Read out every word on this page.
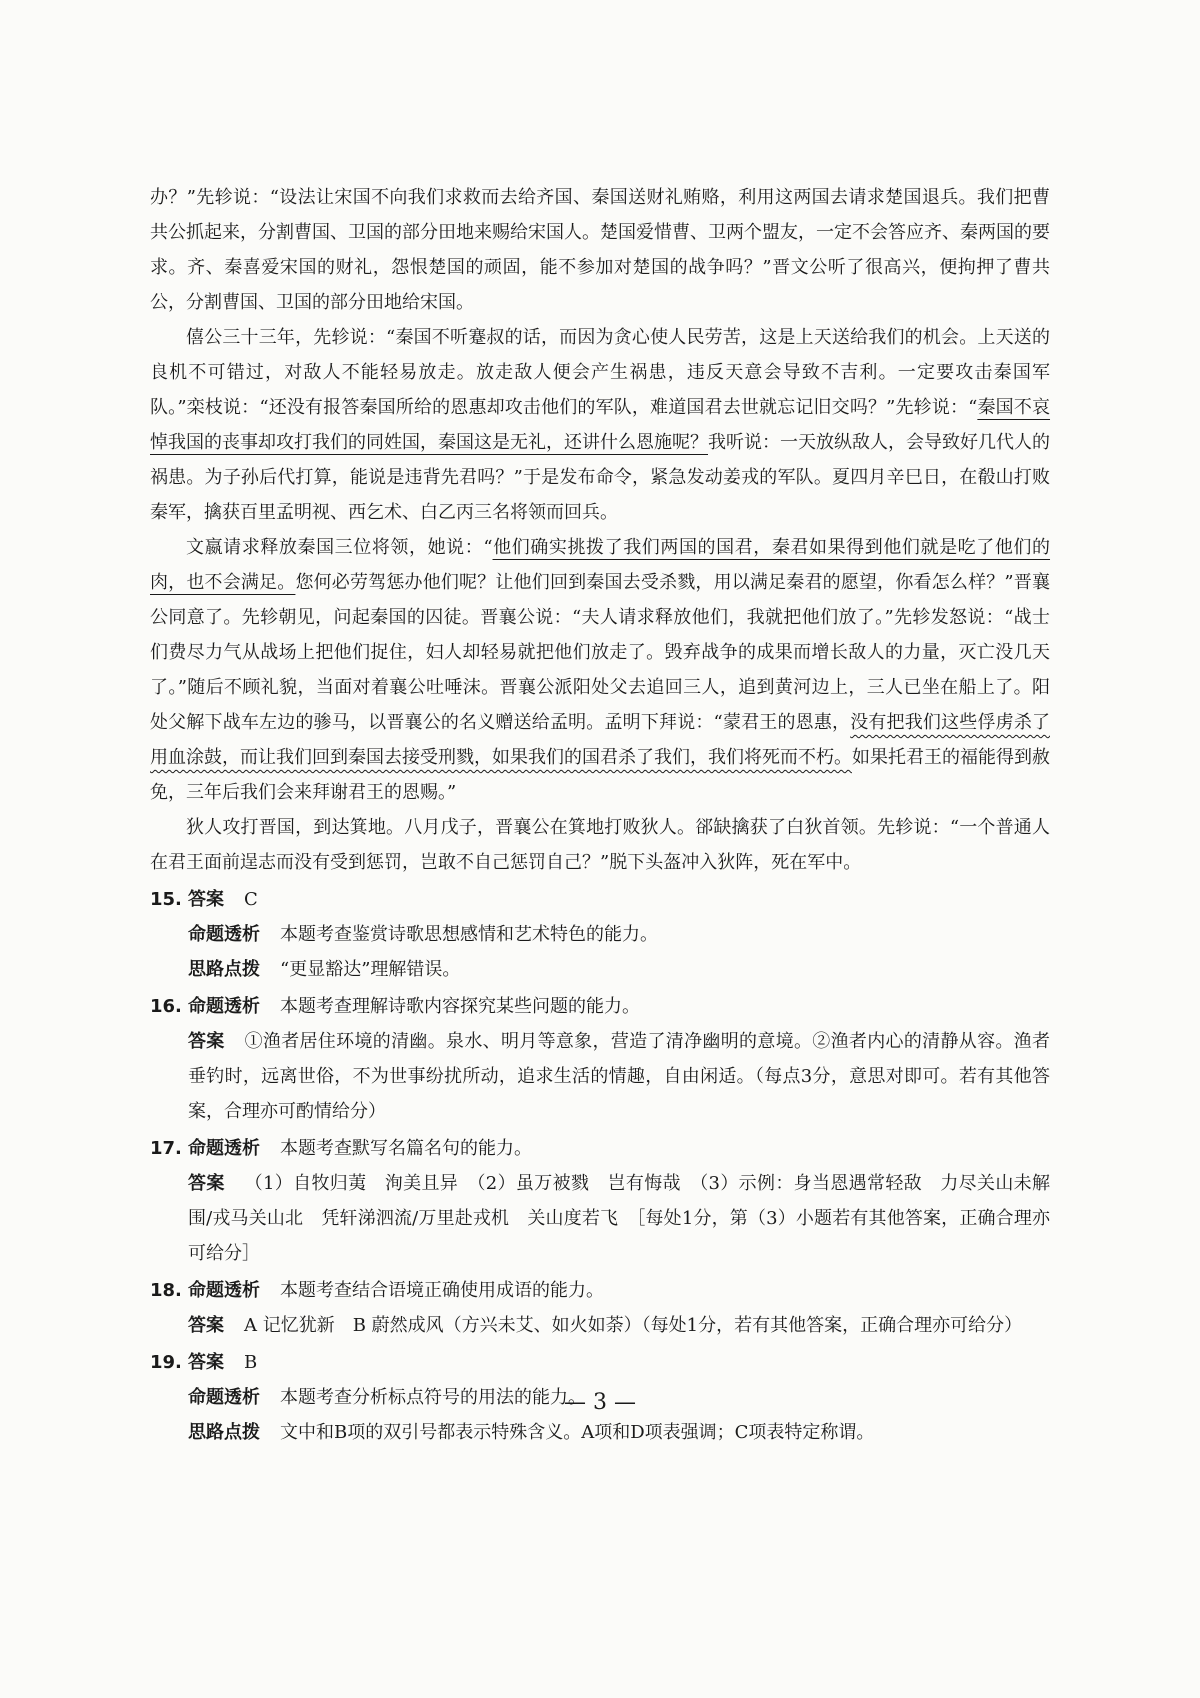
办？”先轸说：“设法让宋国不向我们求救而去给齐国、秦国送财礼贿赂，利用这两国去请求楚国退兵。我们把曹共公抓起来，分割曹国、卫国的部分田地来赐给宋国人。楚国爱惜曹、卫两个盟友，一定不会答应齐、秦两国的要求。齐、秦喜爱宋国的财礼，怨恨楚国的顽固，能不参加对楚国的战争吗？”晋文公听了很高兴，便拘押了曹共公，分割曹国、卫国的部分田地给宋国。

僖公三十三年，先轸说：“秦国不听蹇叔的话，而因为贪心使人民劳苦，这是上天送给我们的机会。上天送的良机不可错过，对敌人不能轻易放走。放走敌人便会产生祸患，违反天意会导致不吉利。一定要攻击秦国军队。”栾枝说：“还没有报答秦国所给的恩惠却攻击他们的军队，难道国君去世就忘记旧交吗？”先轸说：“秦国不哀悼我国的丧事却攻打我们的同姓国，秦国这是无礼，还讲什么恩施呢？我听说：一天放纵敌人，会导致好几代人的祸患。为子孙后代打算，能说是违背先君吗？”于是发布命令，紧急发动姜戎的军队。夏四月辛巳日，在殽山打败秦军，擒获百里孟明视、西乞术、白乙丙三名将领而回兵。

文嬴请求释放秦国三位将领，她说：“他们确实挑拨了我们两国的国君，秦君如果得到他们就是吃了他们的肉，也不会满足。您何必劳驾惩办他们呢？让他们回到秦国去受杀戮，用以满足秦君的愿望，你看怎么样？”晋襄公同意了。先轸朝见，问起秦国的囚徒。晋襄公说：“夫人请求释放他们，我就把他们放了。”先轸发怒说：“战士们费尽力气从战场上把他们捉住，妇人却轻易就把他们放走了。毁弃战争的成果而增长敌人的力量，灭亡没几天了。”随后不顾礼貌，当面对着襄公吐唾沫。晋襄公派阳处父去追回三人，追到黄河边上，三人已坐在船上了。阳处父解下战车左边的骖马，以晋襄公的名义赠送给孟明。孟明下拜说：“蒙君王的恩惠，没有把我们这些俘虏杀了用血涂鼓，而让我们回到秦国去接受刑戮，如果我们的国君杀了我们，我们将死而不朽。如果托君王的福能得到赦免，三年后我们会来拜谢君王的恩赐。”

狄人攻打晋国，到达箕地。八月戊子，晋襄公在箕地打败狄人。郤缺擒获了白狄首领。先轸说：“一个普通人在君王面前逞志而没有受到惩罚，岂敢不自己惩罚自己？”脱下头盔冲入狄阵，死在军中。

15. 答案 C

命题透析 本题考查鉴赏诗歌思想感情和艺术特色的能力。

思路点拨 “更显豁达”理解错误。

16. 命题透析 本题考查理解诗歌内容探究某些问题的能力。

答案 ①渔者居住环境的清幽。泉水、明月等意象，营造了清净幽明的意境。②渔者内心的清静从容。渔者垂钓时，远离世俗，不为世事纷扰所动，追求生活的情趣，自由闲适。（每点3分，意思对即可。若有其他答案，合理亦可酌情给分）

17. 命题透析 本题考查默写名篇名句的能力。

答案 （1）自牧归荑　洵美且异　（2）虽万被戮　岂有悔哉　（3）示例：身当恩遇常轻敌　力尽关山未解围/戎马关山北　凭轩涕泗流/万里赴戎机　关山度若飞　［每处1分，第（3）小题若有其他答案，正确合理亦可给分］

18. 命题透析 本题考查结合语境正确使用成语的能力。

答案 A 记忆犹新　B 蔚然成风（方兴未艾、如火如荼）（每处1分，若有其他答案，正确合理亦可给分）

19. 答案 B

命题透析 本题考查分析标点符号的用法的能力。

思路点拨 文中和B项的双引号都表示特殊含义。A项和D项表强调；C项表特定称谓。

— 3 —
